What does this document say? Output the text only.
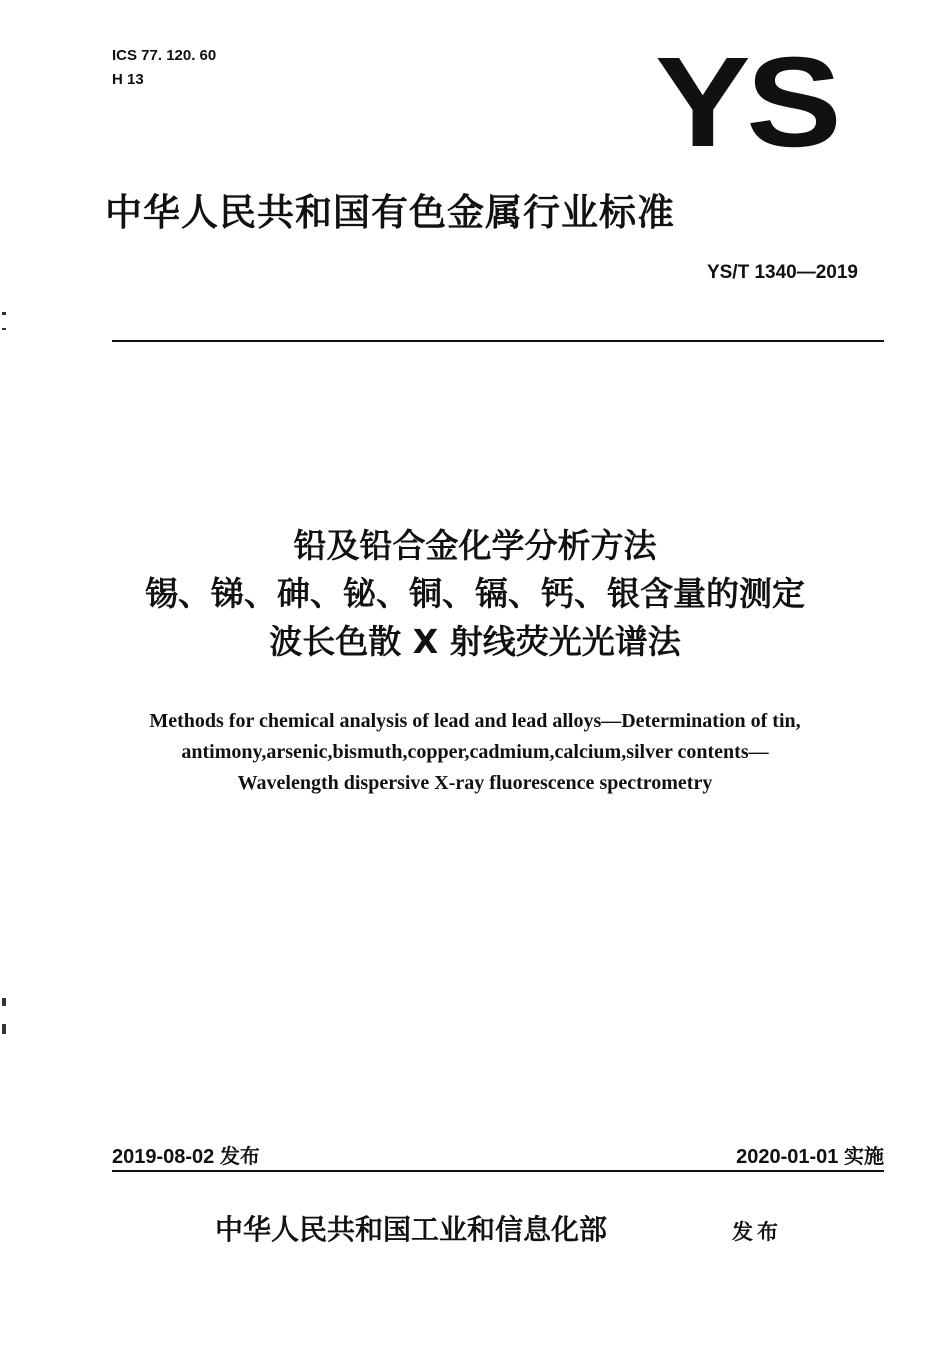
ICS 77. 120. 60
H 13	YS
中华人民共和国有色金属行业标准
YS/T 1340—2019
铅及铅合金化学分析方法
锡、锑、砷、铋、铜、镉、钙、银含量的测定
波长色散 X 射线荧光光谱法
Methods for chemical analysis of lead and lead alloys—Determination of tin,
antimony,arsenic,bismuth,copper,cadmium,calcium,silver contents—
Wavelength dispersive X-ray fluorescence spectrometry
2019-08-02 发布	2020-01-01 实施
中华人民共和国工业和信息化部	发布
